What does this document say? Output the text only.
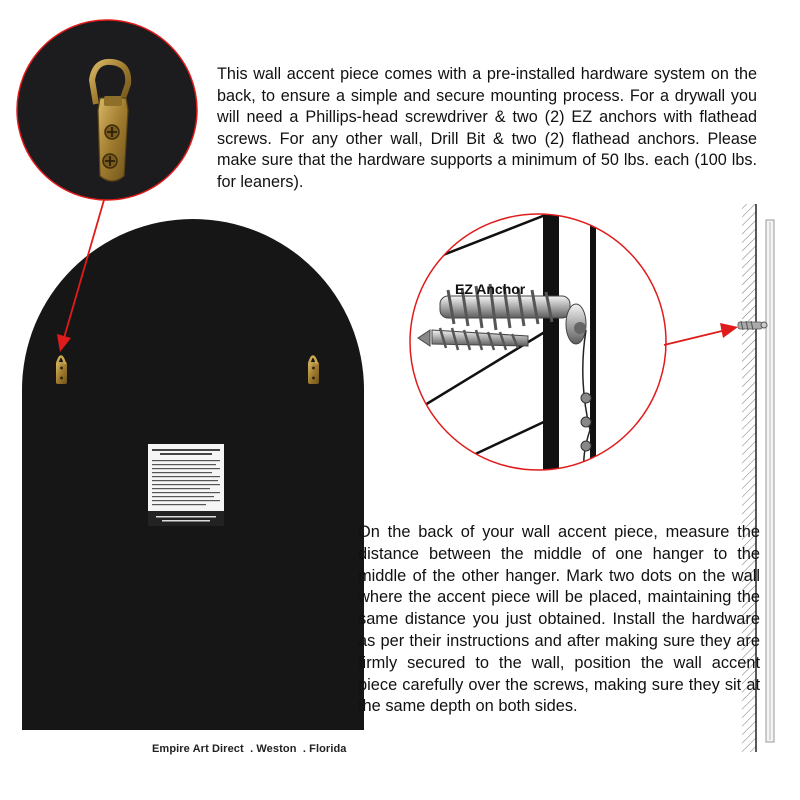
EZ Anchor
This wall accent piece comes with a pre-installed hardware system on the back, to ensure a simple and secure mounting process. For a drywall you will need a Phillips-head screwdriver & two (2) EZ anchors with flathead screws. For any other wall, Drill Bit & two (2) flathead anchors. Please make sure that the hardware supports a minimum of 50 lbs. each (100 lbs. for leaners).
On the back of your wall accent piece, measure the distance between the middle of one hanger to the middle of the other hanger. Mark two dots on the wall where the accent piece will be placed, maintaining the same distance you just obtained. Install the hardware as per their instructions and after making sure they are firmly secured to the wall, position the wall accent piece carefully over the screws, making sure they sit at the same depth on both sides.
Empire Art Direct . Weston . Florida
